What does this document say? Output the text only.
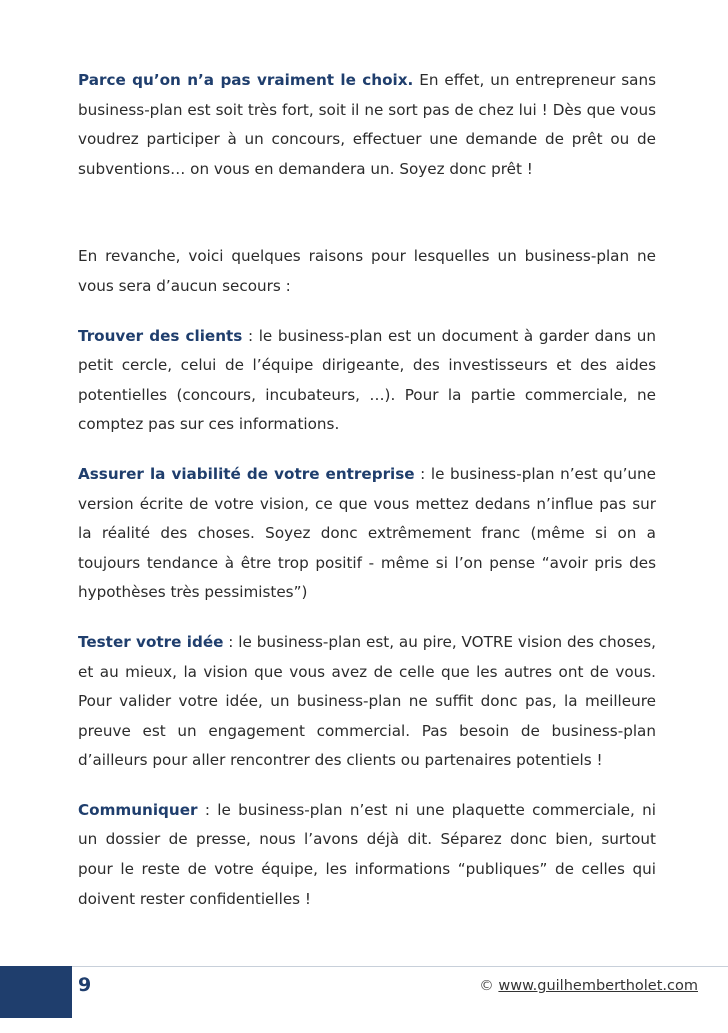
Parce qu’on n’a pas vraiment le choix. En effet, un entrepreneur sans business-plan est soit très fort, soit il ne sort pas de chez lui ! Dès que vous voudrez participer à un concours, effectuer une demande de prêt ou de subventions… on vous en demandera un. Soyez donc prêt !

En revanche, voici quelques raisons pour lesquelles un business-plan ne vous sera d’aucun secours :

Trouver des clients : le business-plan est un document à garder dans un petit cercle, celui de l’équipe dirigeante, des investisseurs et des aides potentielles (concours, incubateurs, …). Pour la partie commerciale, ne comptez pas sur ces informations.

Assurer la viabilité de votre entreprise : le business-plan n’est qu’une version écrite de votre vision, ce que vous mettez dedans n’influe pas sur la réalité des choses. Soyez donc extrêmement franc (même si on a toujours tendance à être trop positif - même si l’on pense “avoir pris des hypothèses très pessimistes”)

Tester votre idée : le business-plan est, au pire, VOTRE vision des choses, et au mieux, la vision que vous avez de celle que les autres ont de vous. Pour valider votre idée, un business-plan ne suffit donc pas, la meilleure preuve est un engagement commercial. Pas besoin de business-plan d’ailleurs pour aller rencontrer des clients ou partenaires potentiels !

Communiquer : le business-plan n’est ni une plaquette commerciale, ni un dossier de presse, nous l’avons déjà dit. Séparez donc bien, surtout pour le reste de votre équipe, les informations “publiques” de celles qui doivent rester confidentielles !

9	© www.guilhembertholet.com
